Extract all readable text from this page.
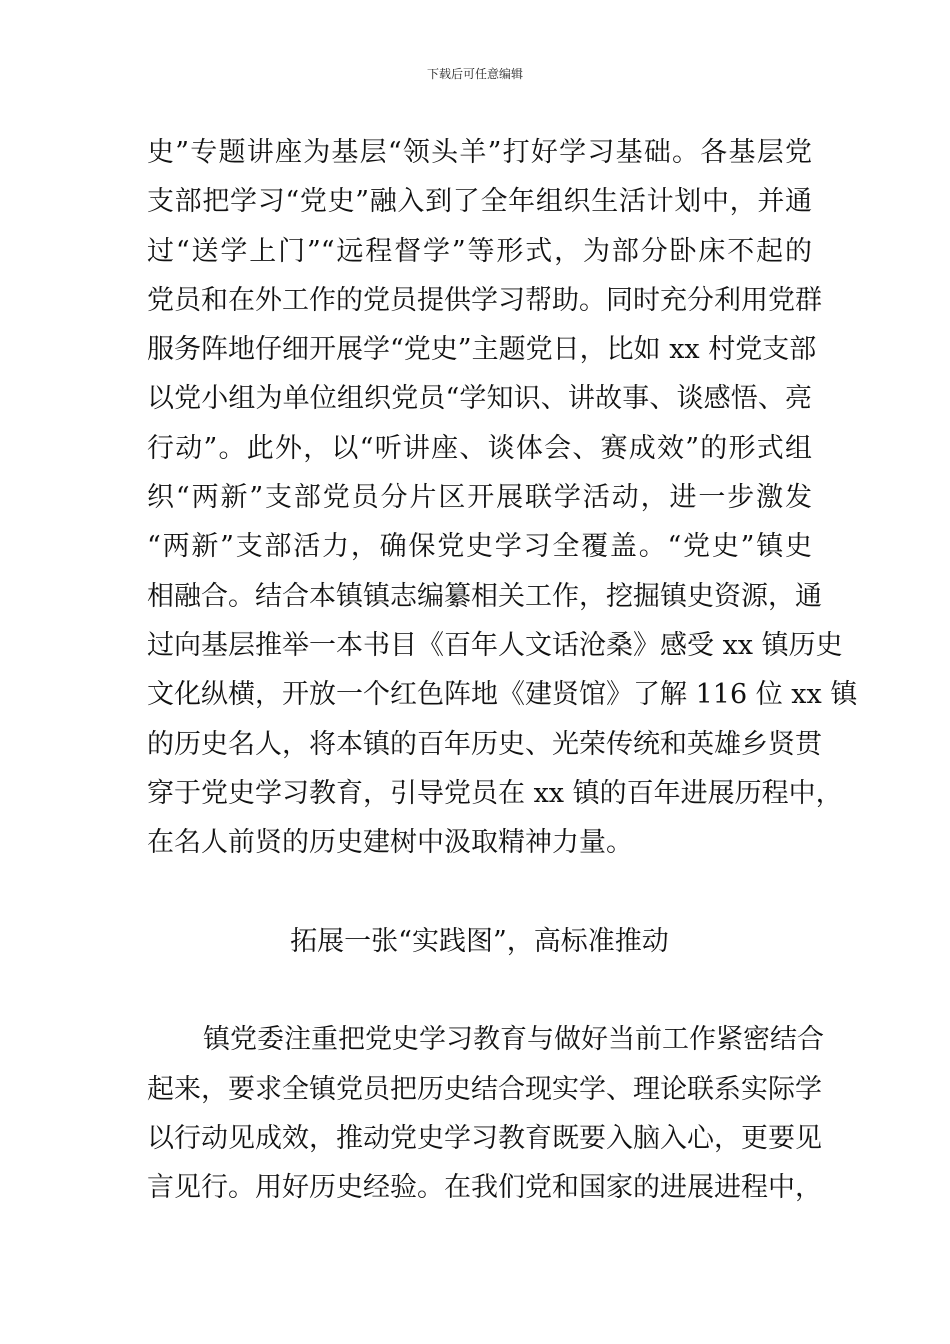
下载后可任意编辑
史”专题讲座为基层“领头羊”打好学习基础。各基层党
支部把学习“党史”融入到了全年组织生活计划中，并通
过“送学上门”“远程督学”等形式，为部分卧床不起的
党员和在外工作的党员提供学习帮助。同时充分利用党群
服务阵地仔细开展学“党史”主题党日，比如 xx 村党支部
以党小组为单位组织党员“学知识、讲故事、谈感悟、亮
行动”。此外，以“听讲座、谈体会、赛成效”的形式组
织“两新”支部党员分片区开展联学活动，进一步激发
“两新”支部活力，确保党史学习全覆盖。“党史”镇史
相融合。结合本镇镇志编纂相关工作，挖掘镇史资源，通
过向基层推举一本书目《百年人文话沧桑》感受 xx 镇历史
文化纵横，开放一个红色阵地《建贤馆》了解 116 位 xx 镇
的历史名人，将本镇的百年历史、光荣传统和英雄乡贤贯
穿于党史学习教育，引导党员在 xx 镇的百年进展历程中，
在名人前贤的历史建树中汲取精神力量。
拓展一张“实践图”，高标准推动
镇党委注重把党史学习教育与做好当前工作紧密结合
起来，要求全镇党员把历史结合现实学、理论联系实际学
以行动见成效，推动党史学习教育既要入脑入心，更要见
言见行。用好历史经验。在我们党和国家的进展进程中，
